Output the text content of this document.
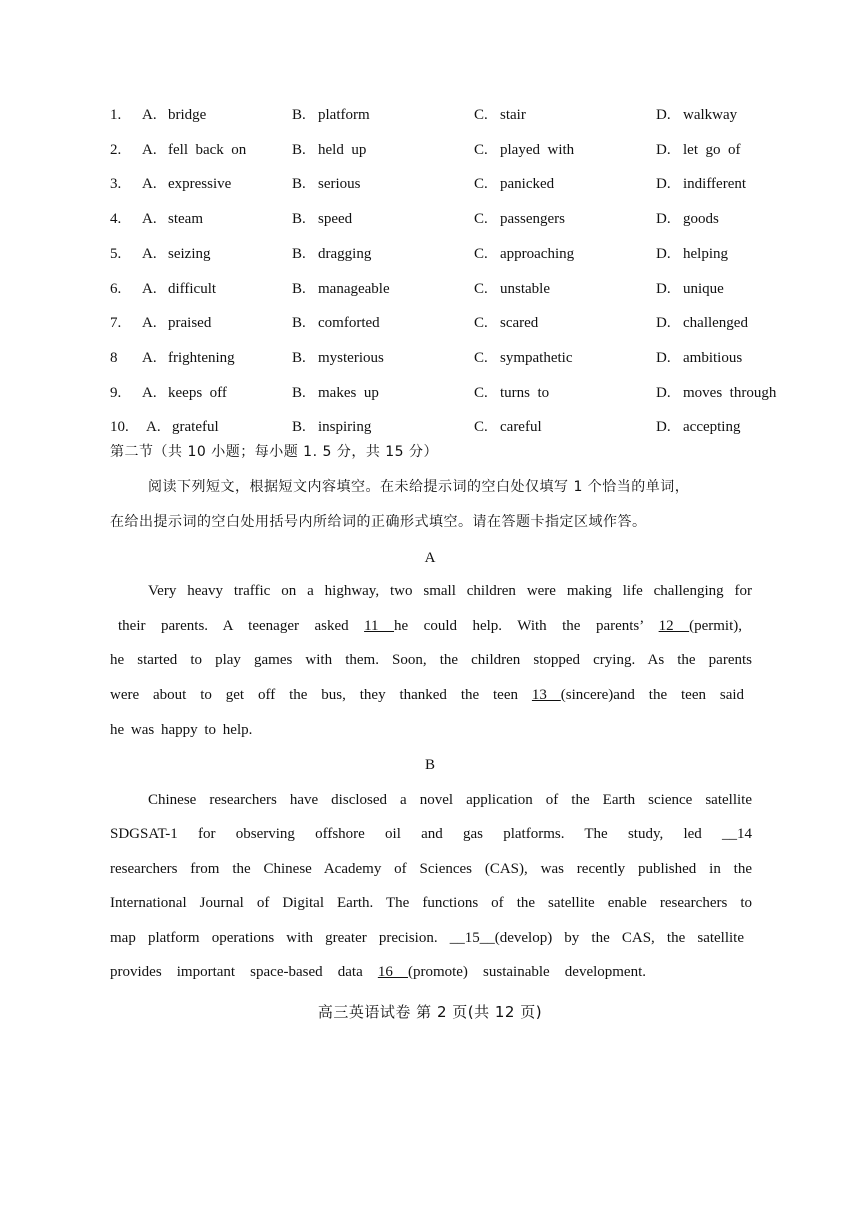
1. A. bridge	B. platform	C. stair	D. walkway
2. A. fell  back  on	B. held  up	C. played  with	D. let  go  of
3. A. expressive	B. serious	C. panicked	D. indifferent
4. A. steam	B. speed	C. passengers	D. goods
5. A. seizing	B. dragging	C. approaching	D. helping
6. A. difficult	B. manageable	C. unstable	D. unique
7. A. praised	B. comforted	C. scared	D. challenged
8 A. frightening	B. mysterious	C. sympathetic	D. ambitious
9. A. keeps  off	B. makes  up	C. turns  to	D. moves  through
10. A. grateful	B. inspiring	C. careful	D. accepting
第二节（共 10 小题；每小题 1. 5 分，共 15 分）
阅读下列短文，根据短文内容填空。在未给提示词的空白处仅填写 1 个恰当的单词，
在给出提示词的空白处用括号内所给词的正确形式填空。请在答题卡指定区域作答。
A
Very heavy traffic on a highway, two small children were making life challenging for
their parents. A teenager asked 11 he could help. With the parents’ 12 (permit),
he started to play games with them. Soon, the children stopped crying. As the parents
were about to get off the bus, they thanked the teen 13 (sincere)and the teen said
he was happy to help.
B
Chinese researchers have disclosed a novel application of the Earth science satellite
SDGSAT-1 for observing offshore oil and gas platforms. The study, led __14
researchers from the Chinese Academy of Sciences (CAS), was recently published in the
International Journal of Digital Earth. The functions of the satellite enable researchers to
map platform operations with greater precision. __15__(develop) by the CAS, the satellite
provides important space-based data 16 (promote) sustainable development.
高三英语试卷 第 2 页(共 12 页)
